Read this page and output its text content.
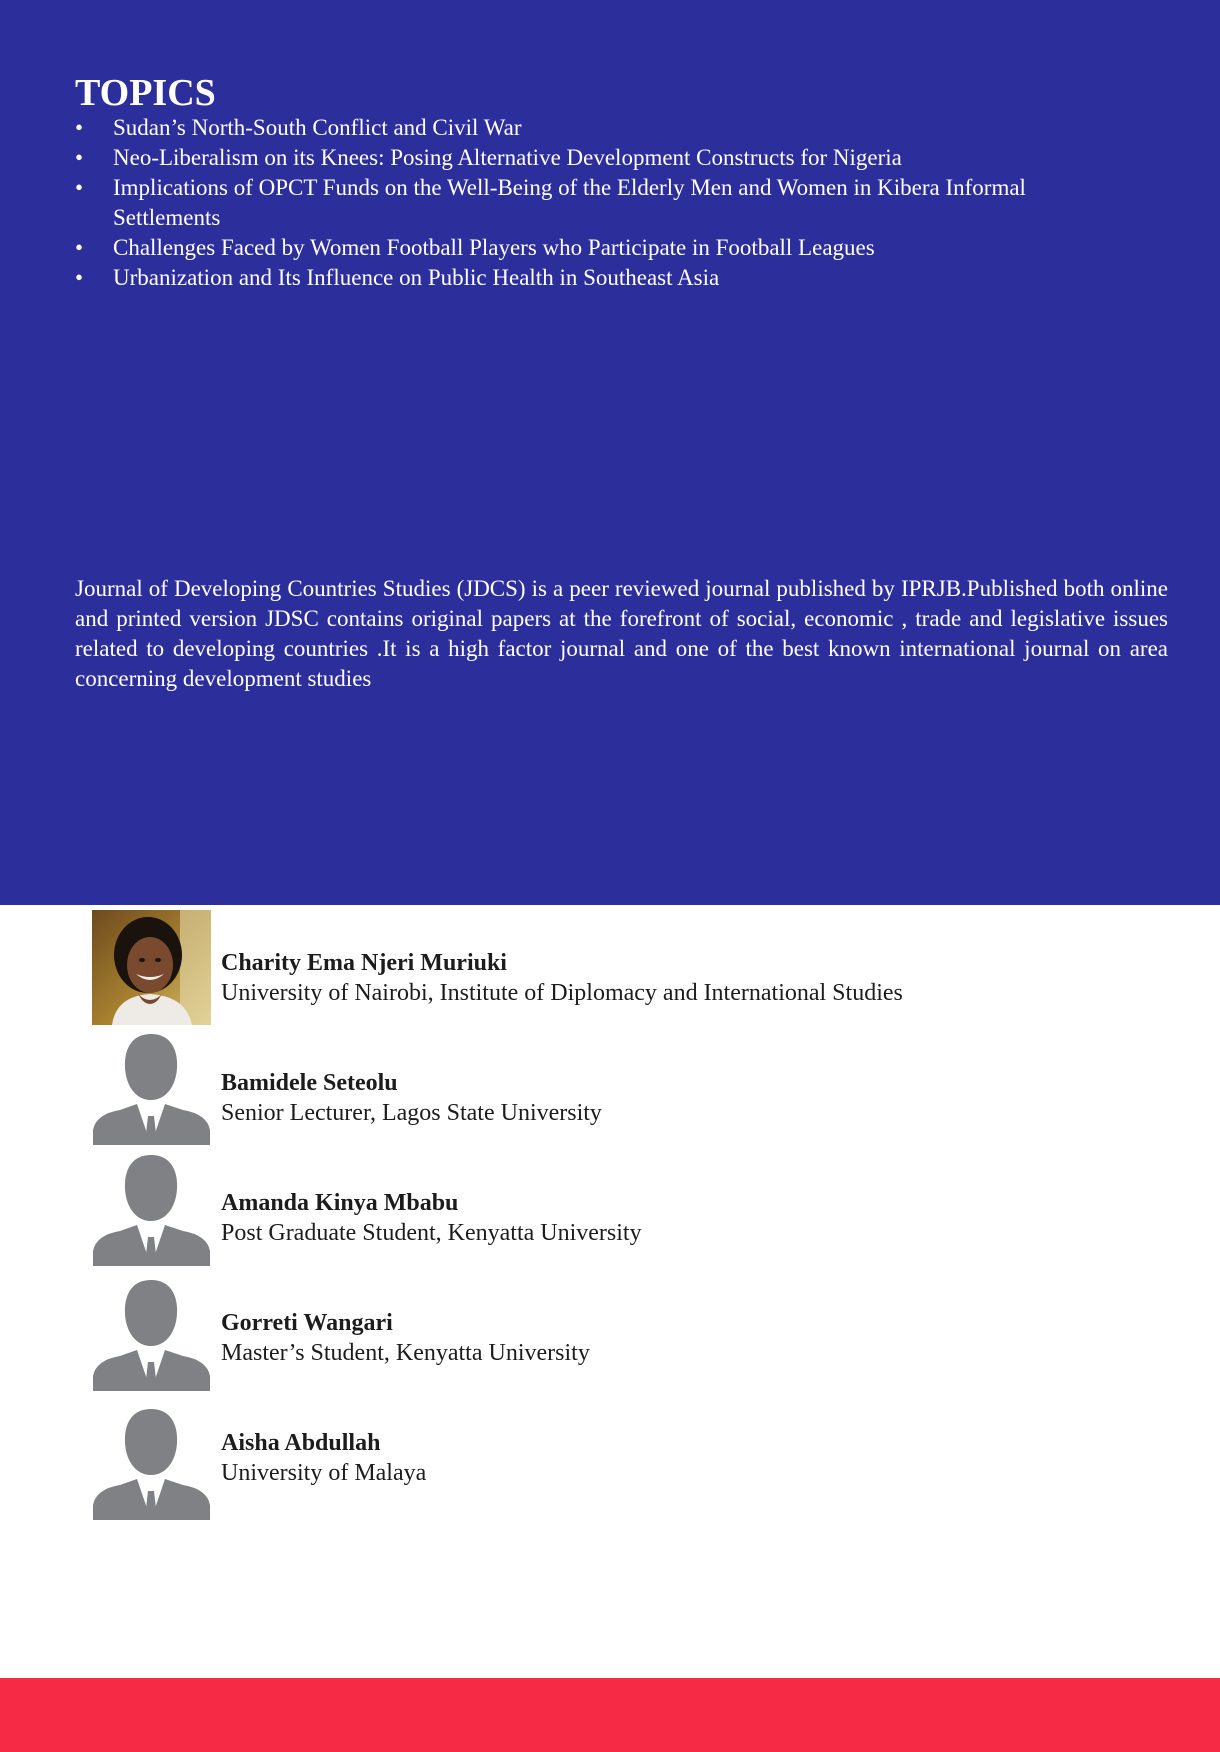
TOPICS
• Sudan’s North-South Conflict and Civil War
• Neo-Liberalism on its Knees: Posing Alternative Development Constructs for Nigeria
• Implications of OPCT Funds on the Well-Being of the Elderly Men and Women in Kibera Informal Settlements
• Challenges Faced by Women Football Players who Participate in Football Leagues
• Urbanization and Its Influence on Public Health in Southeast Asia

Journal of Developing Countries Studies (JDCS) is a peer reviewed journal published by IPRJB.Published both online and printed version JDSC contains original papers at the forefront of social, economic , trade and legislative issues related to developing countries .It is a high factor journal and one of the best known international journal on area concerning development studies

Charity Ema Njeri Muriuki
University of Nairobi, Institute of Diplomacy and International Studies
Bamidele Seteolu
Senior Lecturer, Lagos State University
Amanda Kinya Mbabu
Post Graduate Student, Kenyatta University
Gorreti Wangari
Master’s Student, Kenyatta University
Aisha Abdullah
University of Malaya
